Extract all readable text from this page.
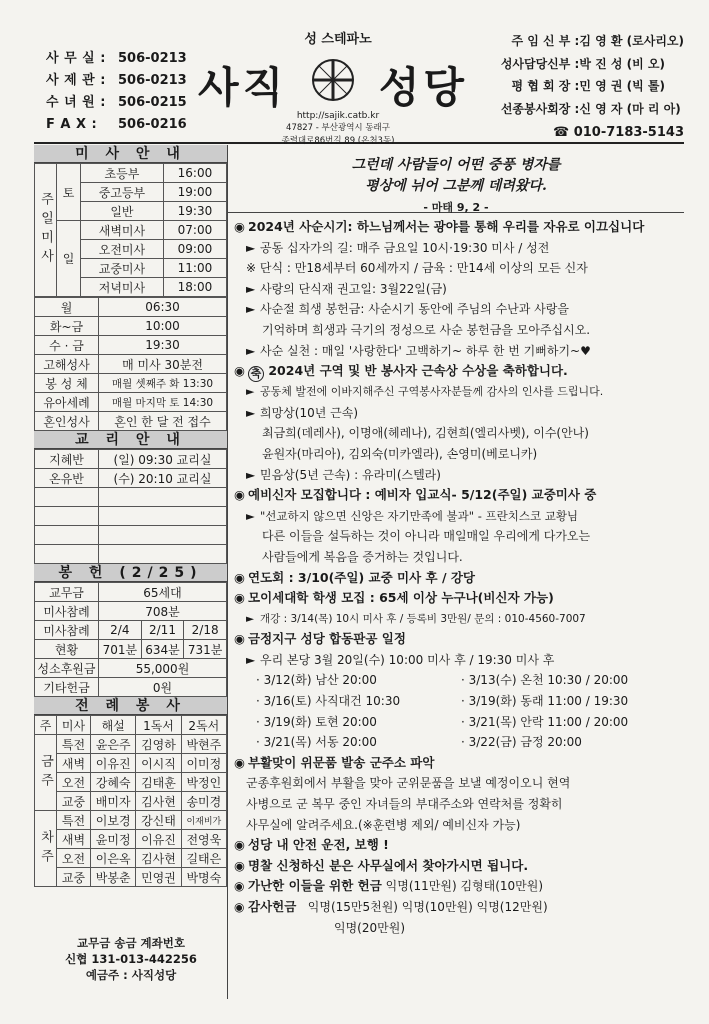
사 무 실 : 506-0213
사 제 관 : 506-0213
수 녀 원 : 506-0215
F A X : 506-0216
성 스테파노
사직 성당
http://sajik.catb.kr
47827 - 부산광역시 동래구
종렬대로86번길 89 (온천3동)
주 임 신 부 :김 영 환 (로사리오)
성사담당신부 :박 진 성 (비 오)
평 협 회 장 :민 영 권 (빅 톨)
선종봉사회장 :신 영 자 (마 리 아)
☎ 010-7183-5143
미 사 안 내
주일미사	토	초등부	16:00
		중고등부	19:00
		일반	19:30
	일	새벽미사	07:00
		오전미사	09:00
		교중미사	11:00
		저녁미사	18:00
월	06:30
화~금	10:00
수 · 금	19:30
고해성사	매 미사 30분전
봉 성 체	매월 셋째주 화 13:30
유아세례	매월 마지막 토 14:30
혼인성사	혼인 한 달 전 접수
교 리 안 내
지혜반	(일) 09:30 교리실
온유반	(수) 20:10 교리실

봉 헌 (2/25)
교무금	65세대		
미사참례	708분		
미사참례	2/4	2/11	2/18
현황	701분	634분	731분
성소후원금	55,000원		
기타헌금	0원		
전 례 봉 사
주	미사	해설	1독서	2독서
금주	특전	윤은주	김영하	박현주
	새벽	이유진	이시직	이미정
	오전	강혜숙	김태훈	박정인
	교중	배미자	김사현	송미경
차주	특전	이보경	강신태	이재비가
	새벽	윤미정	이유진	전영욱
	오전	이은옥	김사현	길태은
	교중	박봉춘	민영권	박명숙
교무금 송금 계좌번호
신협 131-013-442256
예금주 : 사직성당
그런데 사람들이 어떤 중풍 병자를
평상에 뉘어 그분께 데려왔다.
- 마태 9, 2 -
◉ 2024년 사순시기: 하느님께서는 광야를 통해 우리를 자유로 이끄십니다
► 공동 십자가의 길: 매주 금요일 10시·19:30 미사 / 성전
※ 단식 : 만18세부터 60세까지 / 금육 : 만14세 이상의 모든 신자
► 사랑의 단식재 권고일: 3월22일(금)
► 사순절 희생 봉헌금: 사순시기 동안에 주님의 수난과 사랑을
기억하며 희생과 극기의 정성으로 사순 봉헌금을 모아주십시오.
► 사순 실천 : 매일 '사랑한다' 고백하기~ 하루 한 번 기뻐하기~♥
◉ 축 2024년 구역 및 반 봉사자 근속상 수상을 축하합니다.
► 공동체 발전에 이바지해주신 구역봉사자분들께 감사의 인사를 드립니다.
► 희망상(10년 근속)
최금희(데레사), 이명애(헤레나), 김현희(엘리사벳), 이수(안나)
윤원자(마리아), 김외숙(미카엘라), 손영미(베로니카)
► 믿음상(5년 근속) : 유라미(스텔라)
◉ 예비신자 모집합니다 : 예비자 입교식- 5/12(주일) 교중미사 중
► "선교하지 않으면 신앙은 자기만족에 불과" - 프란치스코 교황님
다른 이들을 설득하는 것이 아니라 매일매일 우리에게 다가오는
사람들에게 복음을 증거하는 것입니다.
◉ 연도회 : 3/10(주일) 교중 미사 후 / 강당
◉ 모이세대학 학생 모집 : 65세 이상 누구나(비신자 가능)
► 개강 : 3/14(목) 10시 미사 후 / 등록비 3만원/ 문의 : 010-4560-7007
◉ 금정지구 성당 합동판공 일정
► 우리 본당 3월 20일(수) 10:00 미사 후 / 19:30 미사 후
· 3/12(화) 남산 20:00	· 3/13(수) 온천 10:30 / 20:00
· 3/16(토) 사직대건 10:30	· 3/19(화) 동래 11:00 / 19:30
· 3/19(화) 토현 20:00	· 3/21(목) 안락 11:00 / 20:00
· 3/21(목) 서동 20:00	· 3/22(금) 금정 20:00
◉ 부활맞이 위문품 발송 군주소 파악
군종후원회에서 부활을 맞아 군위문품을 보낼 예정이오니 현역
사병으로 군 복무 중인 자녀들의 부대주소와 연락처를 정확히
사무실에 알려주세요.(※훈련병 제외/ 예비신자 가능)
◉ 성당 내 안전 운전, 보행 !
◉ 명찰 신청하신 분은 사무실에서 찾아가시면 됩니다.
◉ 가난한 이들을 위한 헌금 익명(11만원) 김형태(10만원)
◉ 감사헌금 익명(15만5천원) 익명(10만원) 익명(12만원)
익명(20만원)
